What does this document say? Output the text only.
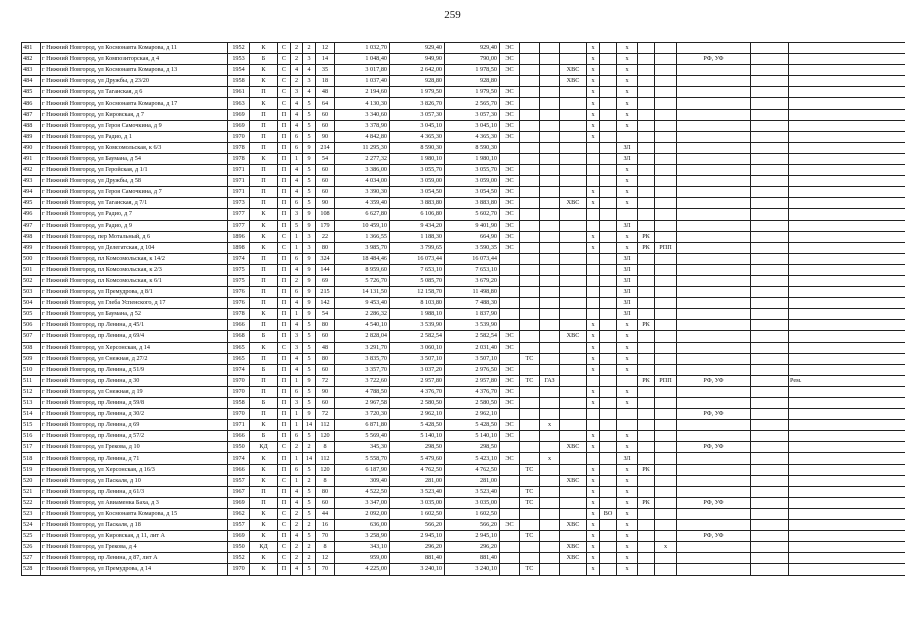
259
481	г Нижний Новгород, ул Космонавта Комарова, д 11	1952	К	С	2	2	12	1 032,70	929,40	929,40	ЭС				х		х					
482	г Нижний Новгород, ул Композиторская, д 4	1953	Б	С	2	3	14	1 048,40	949,90	790,00	ЭС				х		х			РФ, УФ		
483	г Нижний Новгород, ул Космонавта Комарова, д 13	1954	К	С	4	4	35	3 017,80	2 642,00	1 978,50	ЭС			ХВС	х		х					
484	г Нижний Новгород, ул Дружбы, д 23/20	1958	К	С	2	3	18	1 037,40	928,80	928,80				ХВС	х		х					
485	г Нижний Новгород, ул Таганская, д 6	1961	П	С	3	4	48	2 194,60	1 979,50	1 979,50	ЭС				х		х					
486	г Нижний Новгород, ул Космонавта Комарова, д 17	1963	К	С	4	5	64	4 130,30	3 826,70	2 565,70	ЭС				х		х					
487	г Нижний Новгород, ул Кировская, д 7	1969	П	П	4	5	60	3 340,60	3 057,30	3 057,30	ЭС				х		х					
488	г Нижний Новгород, ул Героя Самочкина, д 9	1969	П	П	4	5	60	3 378,90	3 045,10	3 045,10	ЭС				х		х					
489	г Нижний Новгород, ул Радио, д 1	1970	П	П	6	5	90	4 842,80	4 365,30	4 365,30	ЭС				х							
490	г Нижний Новгород, ул Комсомольская, к 6/3	1978	П	П	6	9	214	11 295,30	8 590,30	8 590,30							ЗЛ					
491	г Нижний Новгород, ул Баумана, д 54	1978	К	П	1	9	54	2 277,32	1 980,10	1 980,10							ЗЛ					
492	г Нижний Новгород, ул Геройская, д 1/1	1971	П	П	4	5	60	3 386,00	3 055,70	3 055,70	ЭС						х					
493	г Нижний Новгород, ул Дружбы, д 58	1971	П	П	4	5	60	4 034,00	3 059,00	3 059,00	ЭС						х					
494	г Нижний Новгород, ул Героя Самочкина, д 7	1971	П	П	4	5	60	3 390,30	3 054,50	3 054,50	ЭС				х		х					
495	г Нижний Новгород, ул Таганская, д 7/1	1973	П	П	6	5	90	4 359,40	3 883,80	3 883,80	ЭС			ХВС	х		х					
496	г Нижний Новгород, ул Радио, д 7	1977	К	П	3	9	108	6 627,80	6 106,80	5 602,70	ЭС											
497	г Нижний Новгород, ул Радио, д 9	1977	К	П	5	9	179	10 459,10	9 434,20	9 401,90	ЭС						ЗЛ					
498	г Нижний Новгород, пер Мотальный, д 6	1896	К	С	1	3	22	1 366,55	1 188,30	664,90	ЭС				х		х	РК				
499	г Нижний Новгород, ул Делегатская, д 104	1898	К	С	1	3	80	3 985,70	3 799,65	3 590,35	ЭС				х		х	РК	РПП			
500	г Нижний Новгород, пл Комсомольская, к 14/2	1974	П	П	6	9	324	18 484,46	16 073,44	16 073,44							ЗЛ					
501	г Нижний Новгород, пл Комсомольская, к 2/3	1975	П	П	4	9	144	8 959,60	7 653,10	7 653,10							ЗЛ					
502	г Нижний Новгород, пл Комсомольская, к 6/1	1975	П	П	2	9	69	5 726,70	5 085,70	3 679,20							ЗЛ					
503	г Нижний Новгород, ул Премудрова, д 8/1	1976	П	П	6	9	215	14 131,50	12 158,70	11 498,80							ЗЛ					
504	г Нижний Новгород, ул Глеба Успенского, д 17	1976	П	П	4	9	142	9 453,40	8 103,80	7 488,30							ЗЛ					
505	г Нижний Новгород, ул Баумана, д 52	1978	К	П	1	9	54	2 286,32	1 988,10	1 837,90							ЗЛ					
506	г Нижний Новгород, пр Ленина, д 45/1	1966	П	П	4	5	80	4 540,10	3 539,90	3 539,90					х		х	РК				
507	г Нижний Новгород, пр Ленина, д 69/4	1968	Б	П	3	5	60	2 828,04	2 582,54	2 582,54	ЭС			ХВС	х		х					
508	г Нижний Новгород, ул Херсонская, д 14	1965	К	С	3	5	48	3 291,70	3 060,10	2 031,40	ЭС				х		х					
509	г Нижний Новгород, ул Снежная, д 27/2	1965	П	П	4	5	80	3 835,70	3 507,10	3 507,10		ТС			х		х					
510	г Нижний Новгород, пр Ленина, д 51/9	1974	Б	П	4	5	60	3 357,70	3 037,20	2 976,50	ЭС				х		х					
511	г Нижний Новгород, пр Ленина, д 30	1970	П	П	1	9	72	3 722,60	2 957,80	2 957,80	ЭС	ТС	ГАЗ					РК	РПП	РФ, УФ		Рем.
512	г Нижний Новгород, ул Снежная, д 19	1970	П	П	6	5	90	4 788,50	4 376,70	4 376,70	ЭС				х		х					
513	г Нижний Новгород, пр Ленина, д 59/8	1958	Б	П	3	5	60	2 967,58	2 580,50	2 580,50	ЭС				х		х					
514	г Нижний Новгород, пр Ленина, д 30/2	1970	П	П	1	9	72	3 720,30	2 962,10	2 962,10										РФ, УФ		
515	г Нижний Новгород, пр Ленина, д 69	1971	К	П	1	14	112	6 871,80	5 428,50	5 428,50	ЭС		х									
516	г Нижний Новгород, пр Ленина, д 57/2	1966	Б	П	6	5	120	5 569,40	5 140,10	5 140,10	ЭС				х		х					
517	г Нижний Новгород, ул Грекова, д 10	1950	КД	С	2	2	8	345,30	298,50	298,50				ХВС	х		х			РФ, УФ		
518	г Нижний Новгород, пр Ленина, д 71	1974	К	П	1	14	112	5 558,70	5 479,60	5 423,10	ЭС		х				ЗЛ					
519	г Нижний Новгород, ул Херсонская, д 16/3	1966	К	П	6	5	120	6 187,90	4 762,50	4 762,50		ТС			х		х	РК				
520	г Нижний Новгород, ул Паскаля, д 10	1957	К	С	1	2	8	309,40	281,00	281,00				ХВС	х		х					
521	г Нижний Новгород, пр Ленина, д 61/3	1967	П	П	4	5	80	4 522,50	3 523,40	3 523,40		ТС			х		х					
522	г Нижний Новгород, ул Авиаменка Баха, д 3	1969	П	П	4	5	60	3 347,00	3 035,00	3 035,00		ТС			х		х	РК		РФ, УФ		
523	г Нижний Новгород, ул Космонавта Комарова, д 15	1962	К	С	2	5	44	2 092,00	1 602,50	1 602,50					х	ВО	х					
524	г Нижний Новгород, ул Паскаля, д 18	1957	К	С	2	2	16	636,00	566,20	566,20	ЭС			ХВС	х		х					
525	г Нижний Новгород, ул Кировская, д 11, лит А	1969	К	П	4	5	70	3 258,90	2 945,10	2 945,10		ТС			х		х			РФ, УФ		
526	г Нижний Новгород, ул Грекова, д 4	1950	КД	С	2	2	8	343,10	296,20	296,20				ХВС	х		х		х			
527	г Нижний Новгород, пр Ленина, д 87, лит А	1952	К	С	2	2	12	959,00	881,40	881,40				ХВС	х		х					
528	г Нижний Новгород, ул Премудрова, д 14	1970	К	П	4	5	70	4 225,00	3 240,10	3 240,10		ТС			х		х					
